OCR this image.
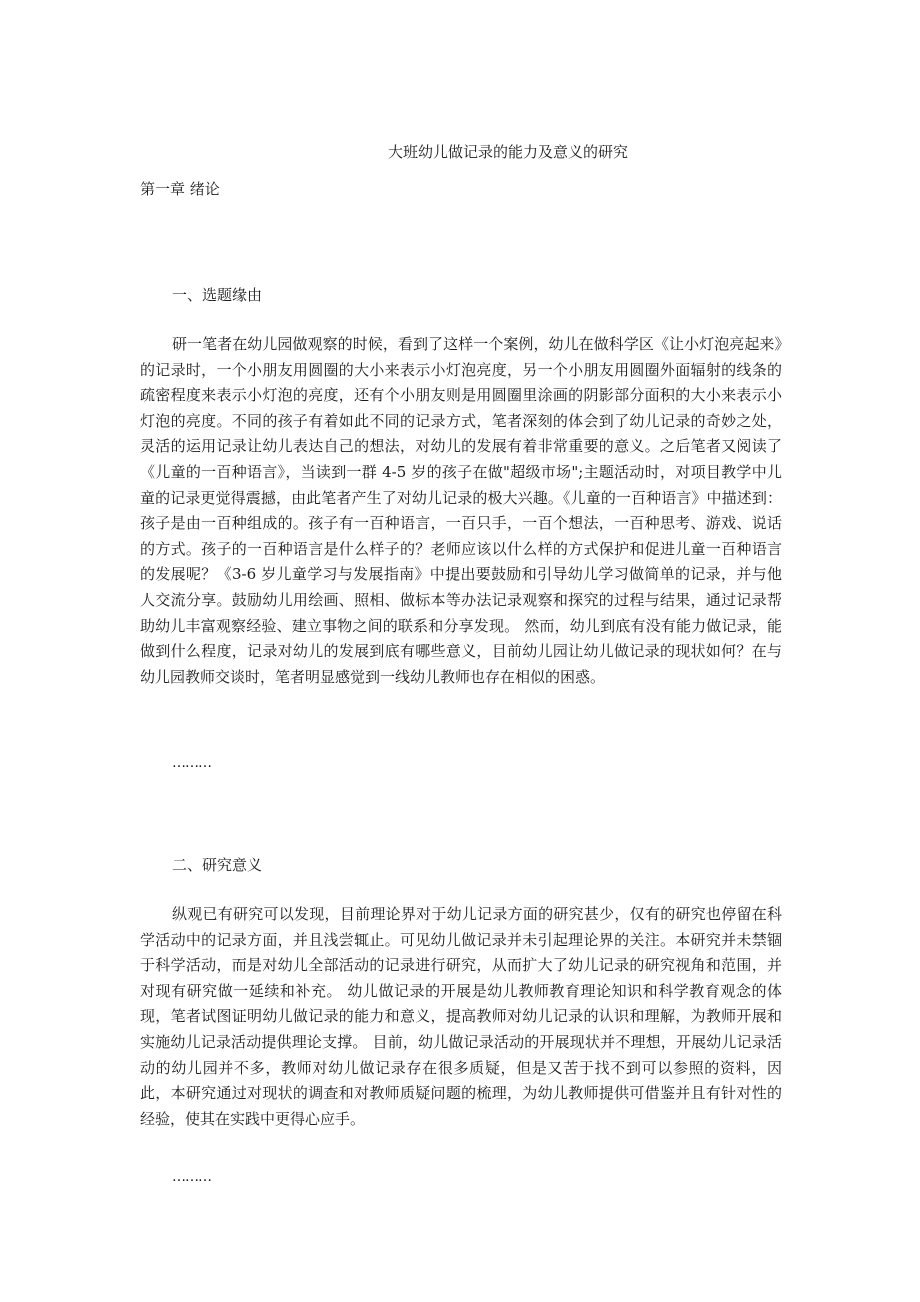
大班幼儿做记录的能力及意义的研究
第一章 绪论
一、选题缘由

研一笔者在幼儿园做观察的时候，看到了这样一个案例，幼儿在做科学区《让小灯泡亮起来》的记录时，一个小朋友用圆圈的大小来表示小灯泡亮度，另一个小朋友用圆圈外面辐射的线条的疏密程度来表示小灯泡的亮度，还有个小朋友则是用圆圈里涂画的阴影部分面积的大小来表示小灯泡的亮度。不同的孩子有着如此不同的记录方式，笔者深刻的体会到了幼儿记录的奇妙之处，灵活的运用记录让幼儿表达自己的想法，对幼儿的发展有着非常重要的意义。之后笔者又阅读了《儿童的一百种语言》，当读到一群 4-5 岁的孩子在做"超级市场";主题活动时，对项目教学中儿童的记录更觉得震撼，由此笔者产生了对幼儿记录的极大兴趣。《儿童的一百种语言》中描述到：孩子是由一百种组成的。孩子有一百种语言，一百只手，一百个想法，一百种思考、游戏、说话的方式。孩子的一百种语言是什么样子的？老师应该以什么样的方式保护和促进儿童一百种语言的发展呢？《3-6 岁儿童学习与发展指南》中提出要鼓励和引导幼儿学习做简单的记录，并与他人交流分享。鼓励幼儿用绘画、照相、做标本等办法记录观察和探究的过程与结果，通过记录帮助幼儿丰富观察经验、建立事物之间的联系和分享发现。 然而，幼儿到底有没有能力做记录，能做到什么程度，记录对幼儿的发展到底有哪些意义，目前幼儿园让幼儿做记录的现状如何？在与幼儿园教师交谈时，笔者明显感觉到一线幼儿教师也存在相似的困惑。

………

二、研究意义

纵观已有研究可以发现，目前理论界对于幼儿记录方面的研究甚少，仅有的研究也停留在科学活动中的记录方面，并且浅尝辄止。可见幼儿做记录并未引起理论界的关注。本研究并未禁锢于科学活动，而是对幼儿全部活动的记录进行研究，从而扩大了幼儿记录的研究视角和范围，并对现有研究做一延续和补充。 幼儿做记录的开展是幼儿教师教育理论知识和科学教育观念的体现，笔者试图证明幼儿做记录的能力和意义，提高教师对幼儿记录的认识和理解，为教师开展和实施幼儿记录活动提供理论支撑。 目前，幼儿做记录活动的开展现状并不理想，开展幼儿记录活动的幼儿园并不多，教师对幼儿做记录存在很多质疑，但是又苦于找不到可以参照的资料，因此，本研究通过对现状的调查和对教师质疑问题的梳理，为幼儿教师提供可借鉴并且有针对性的经验，使其在实践中更得心应手。

………
